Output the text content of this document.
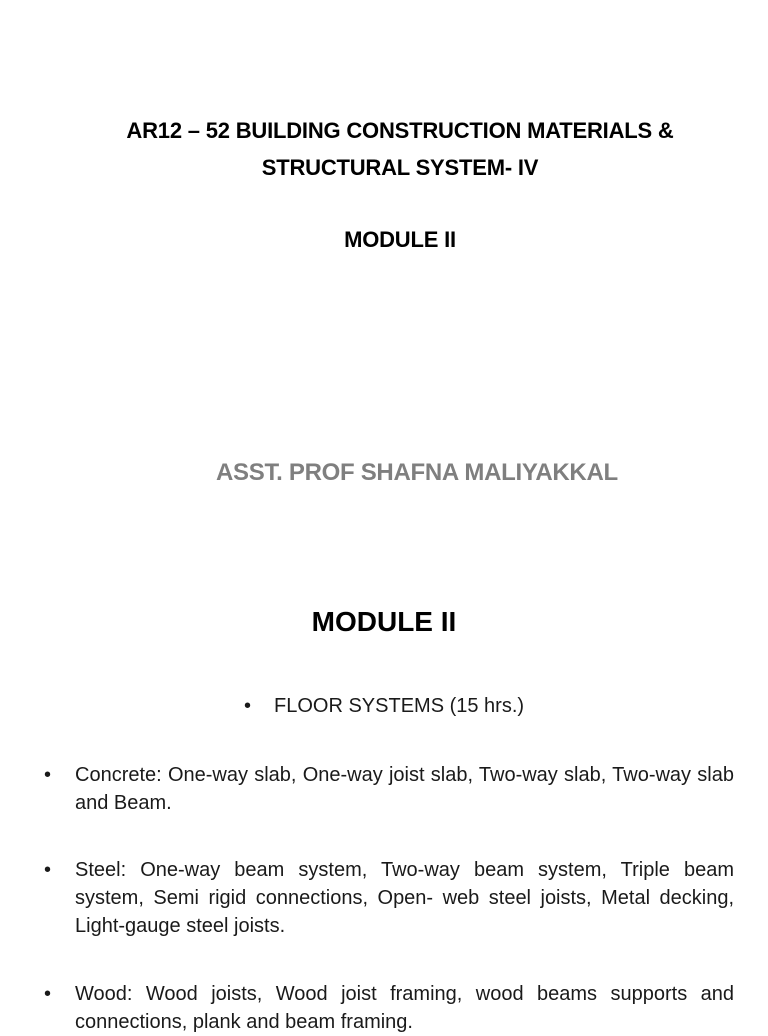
AR12 – 52 BUILDING CONSTRUCTION MATERIALS &
STRUCTURAL SYSTEM- IV
MODULE II
ASST. PROF SHAFNA MALIYAKKAL
MODULE II
•	FLOOR SYSTEMS (15 hrs.)
•	Concrete: One-way slab, One-way joist slab, Two-way slab, Two-way slab and Beam.
•	Steel: One-way beam system, Two-way beam system, Triple beam system, Semi rigid connections, Open- web steel joists, Metal decking, Light-gauge steel joists.
•	Wood: Wood joists, Wood joist framing, wood beams supports and connections, plank and beam framing.
